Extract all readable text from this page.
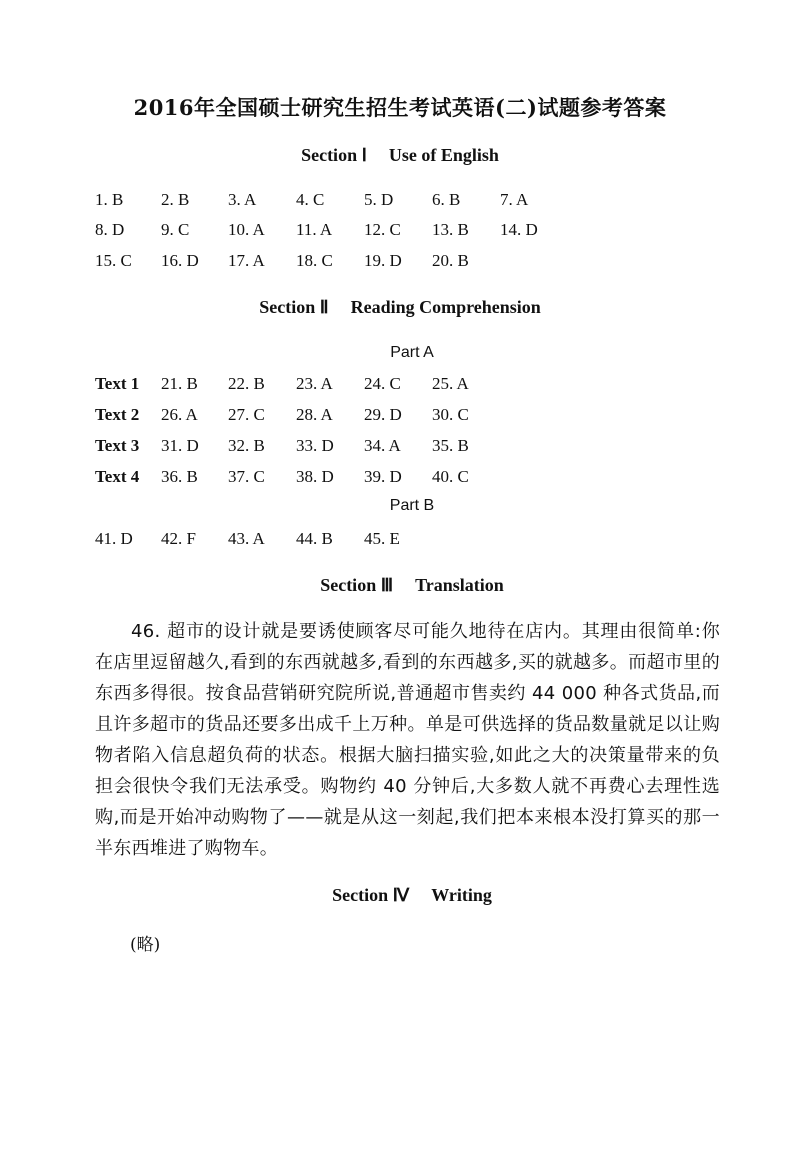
2016年全国硕士研究生招生考试英语(二)试题参考答案
Section Ⅰ Use of English
1. B 2. B 3. A 4. C 5. D 6. B 7. A
8. D 9. C 10. A 11. A 12. C 13. B 14. D
15. C 16. D 17. A 18. C 19. D 20. B
Section Ⅱ Reading Comprehension
Part A
Text 1 21. B 22. B 23. A 24. C 25. A
Text 2 26. A 27. C 28. A 29. D 30. C
Text 3 31. D 32. B 33. D 34. A 35. B
Text 4 36. B 37. C 38. D 39. D 40. C
Part B
41. D 42. F 43. A 44. B 45. E
Section Ⅲ Translation

46. 超市的设计就是要诱使顾客尽可能久地待在店内。其理由很简单:你在店里逗留越久,看到的东西就越多,看到的东西越多,买的就越多。而超市里的东西多得很。按食品营销研究院所说,普通超市售卖约 44 000 种各式货品,而且许多超市的货品还要多出成千上万种。单是可供选择的货品数量就足以让购物者陷入信息超负荷的状态。根据大脑扫描实验,如此之大的决策量带来的负担会很快令我们无法承受。购物约 40 分钟后,大多数人就不再费心去理性选购,而是开始冲动购物了——就是从这一刻起,我们把本来根本没打算买的那一半东西堆进了购物车。

Section Ⅳ Writing
(略)
